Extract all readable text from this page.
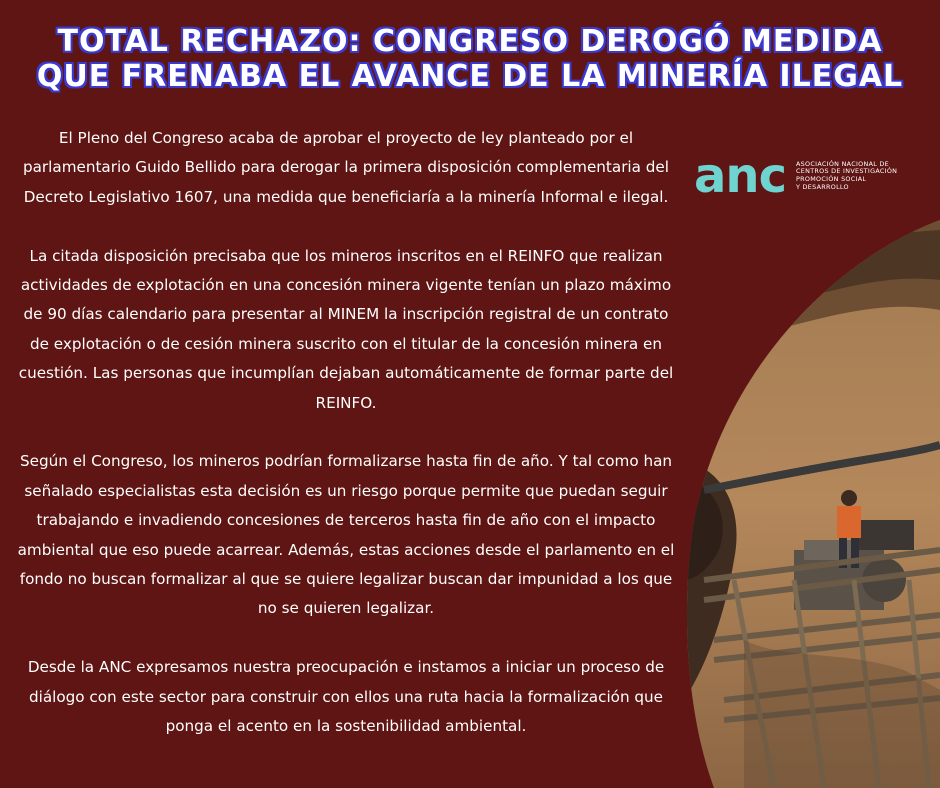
TOTAL RECHAZO: CONGRESO DEROGÓ MEDIDA
QUE FRENABA EL AVANCE DE LA MINERÍA ILEGAL

El Pleno del Congreso acaba de aprobar el proyecto de ley planteado por el parlamentario Guido Bellido para derogar la primera disposición complementaria del Decreto Legislativo 1607, una medida que beneficiaría a la minería Informal e ilegal.

La citada disposición precisaba que los mineros inscritos en el REINFO que realizan actividades de explotación en una concesión minera vigente tenían un plazo máximo de 90 días calendario para presentar al MINEM la inscripción registral de un contrato de explotación o de cesión minera suscrito con el titular de la concesión minera en cuestión. Las personas que incumplían dejaban automáticamente de formar parte del REINFO.

Según el Congreso, los mineros podrían formalizarse hasta fin de año. Y tal como han señalado especialistas esta decisión es un riesgo porque permite que puedan seguir trabajando e invadiendo concesiones de terceros hasta fin de año con el impacto ambiental que eso puede acarrear. Además, estas acciones desde el parlamento en el fondo no buscan formalizar al que se quiere legalizar buscan dar impunidad a los que no se quieren legalizar.

Desde la ANC expresamos nuestra preocupación e instamos a iniciar un proceso de diálogo con este sector para construir con ellos una ruta hacia la formalización que ponga el acento en la sostenibilidad ambiental.

anc ASOCIACIÓN NACIONAL DE
CENTROS DE INVESTIGACIÓN
PROMOCIÓN SOCIAL
Y DESARROLLO
